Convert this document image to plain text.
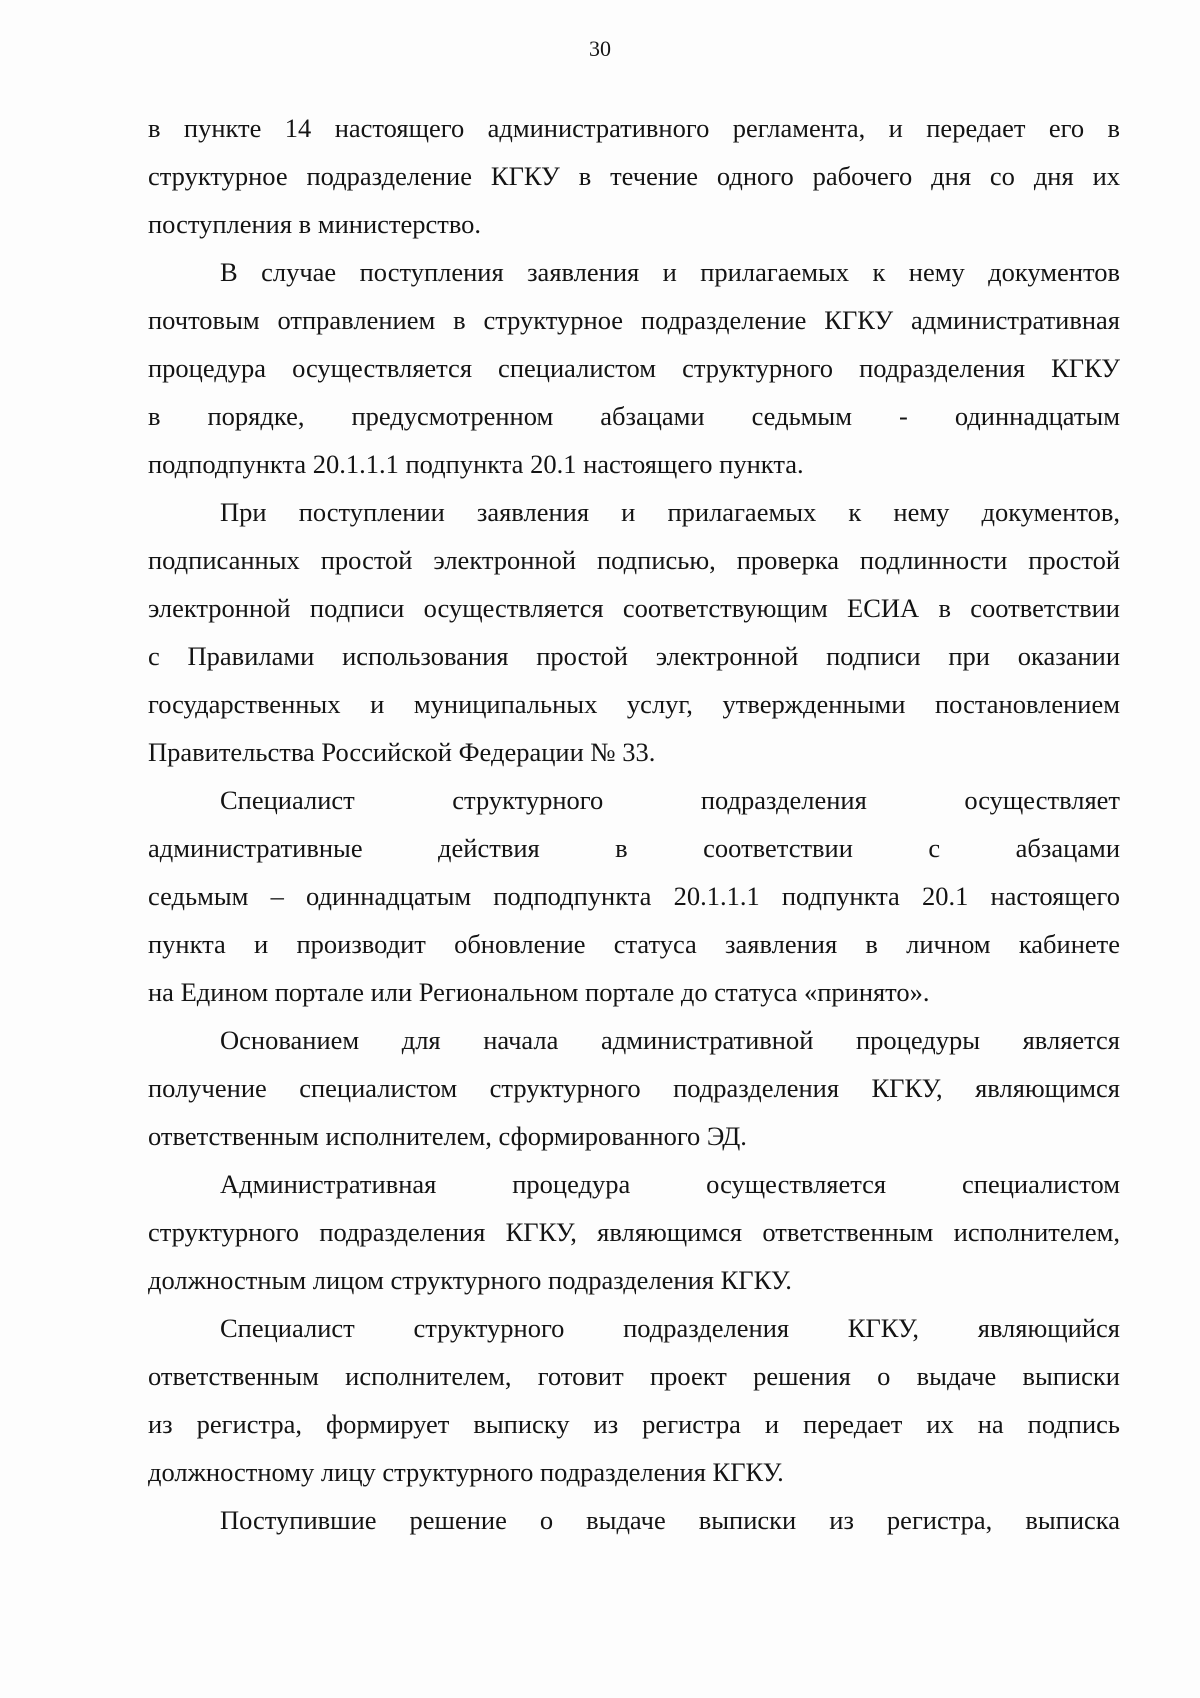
30
в пункте 14 настоящего административного регламента, и передает его в
структурное подразделение КГКУ в течение одного рабочего дня со дня их
поступления в министерство.
В случае поступления заявления и прилагаемых к нему документов
почтовым отправлением в структурное подразделение КГКУ административная
процедура осуществляется специалистом структурного подразделения КГКУ
в порядке, предусмотренном абзацами седьмым - одиннадцатым
подподпункта 20.1.1.1 подпункта 20.1 настоящего пункта.
При поступлении заявления и прилагаемых к нему документов,
подписанных простой электронной подписью, проверка подлинности простой
электронной подписи осуществляется соответствующим ЕСИА в соответствии
с Правилами использования простой электронной подписи при оказании
государственных и муниципальных услуг, утвержденными постановлением
Правительства Российской Федерации № 33.
Специалист структурного подразделения осуществляет
административные действия в соответствии с абзацами
седьмым – одиннадцатым подподпункта 20.1.1.1 подпункта 20.1 настоящего
пункта и производит обновление статуса заявления в личном кабинете
на Едином портале или Региональном портале до статуса «принято».
Основанием для начала административной процедуры является
получение специалистом структурного подразделения КГКУ, являющимся
ответственным исполнителем, сформированного ЭД.
Административная процедура осуществляется специалистом
структурного подразделения КГКУ, являющимся ответственным исполнителем,
должностным лицом структурного подразделения КГКУ.
Специалист структурного подразделения КГКУ, являющийся
ответственным исполнителем, готовит проект решения о выдаче выписки
из регистра, формирует выписку из регистра и передает их на подпись
должностному лицу структурного подразделения КГКУ.
Поступившие решение о выдаче выписки из регистра, выписка
